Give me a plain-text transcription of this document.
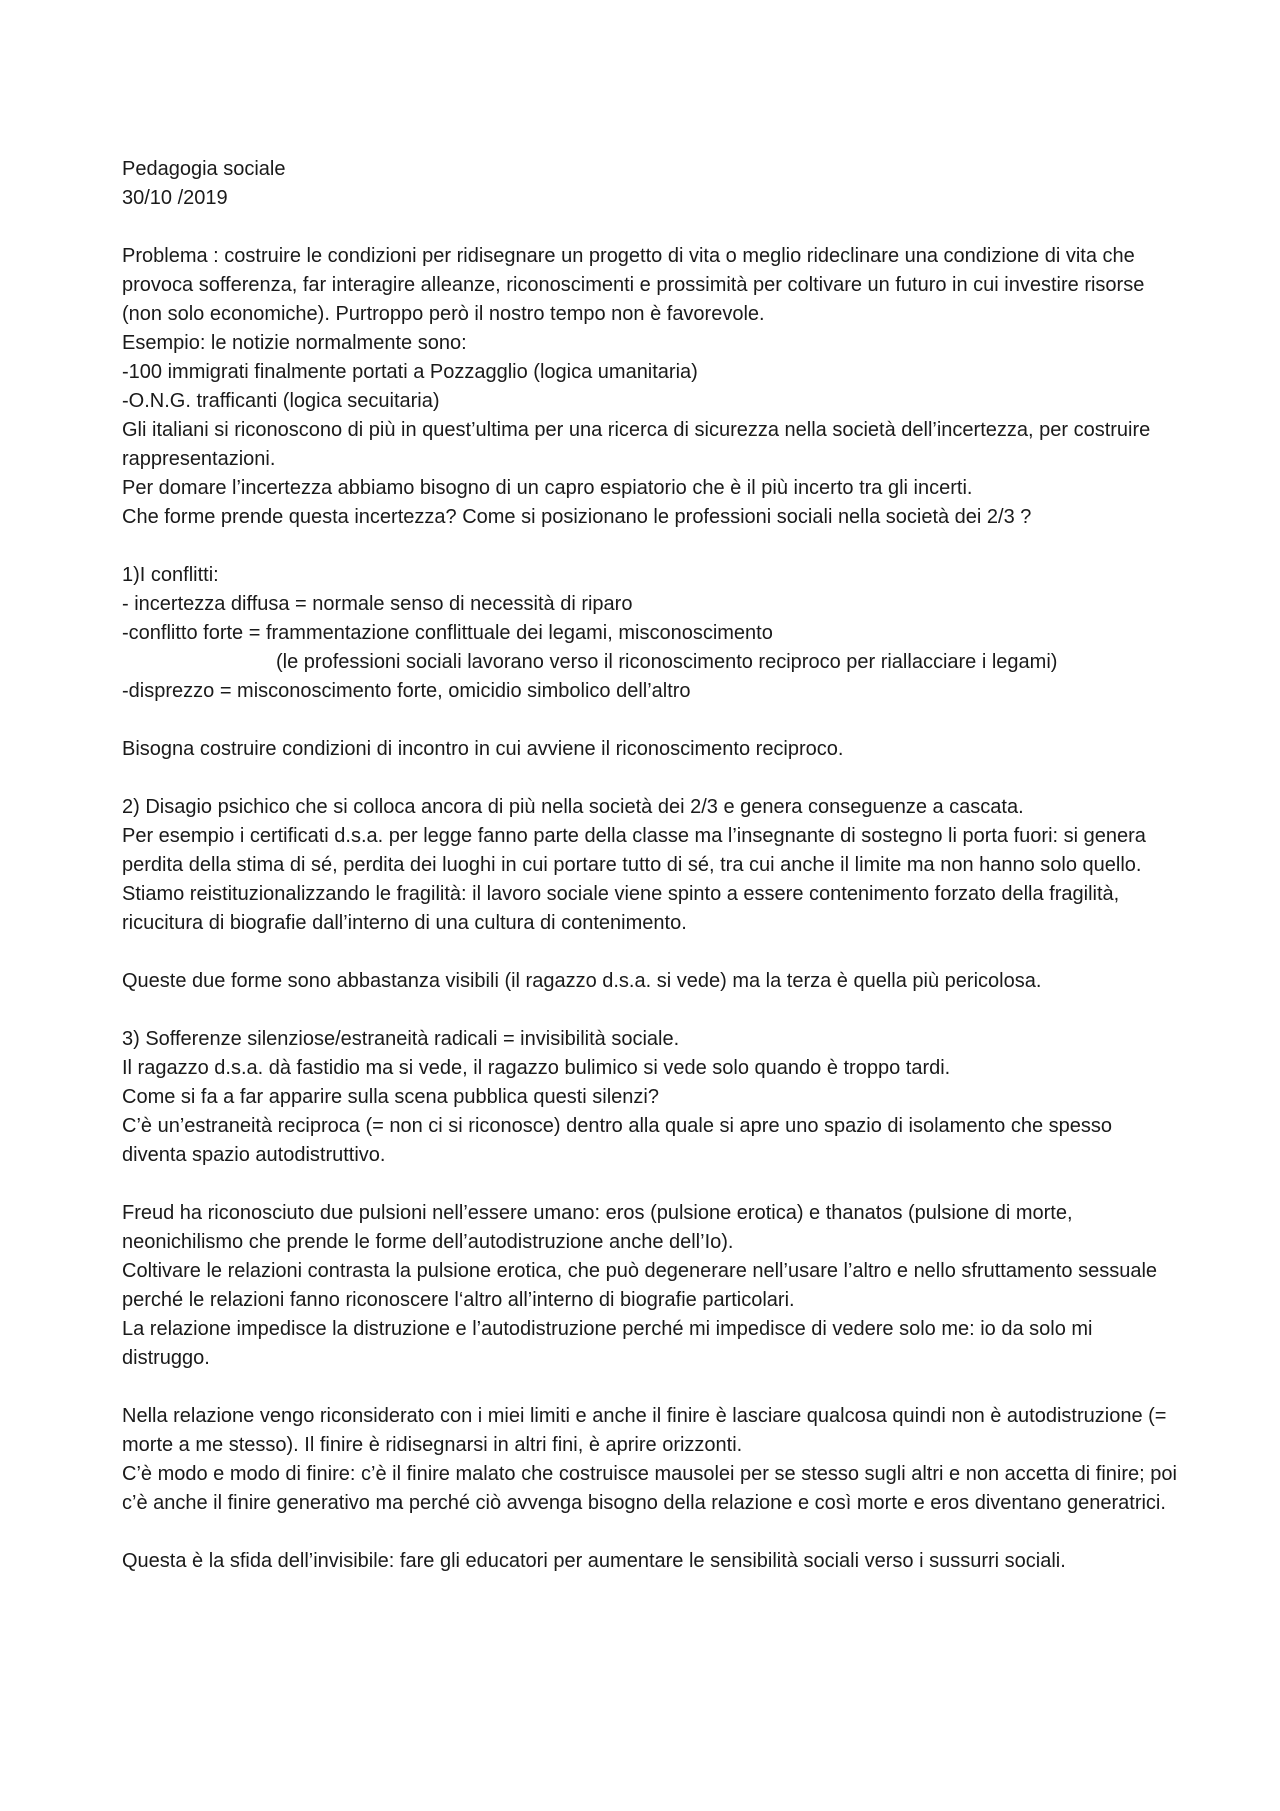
Pedagogia sociale

30/10 /2019

Problema : costruire le condizioni per ridisegnare un progetto di vita o meglio rideclinare una condizione di vita che provoca sofferenza, far interagire alleanze, riconoscimenti e prossimità per coltivare un futuro in cui investire risorse (non solo economiche). Purtroppo però il nostro tempo non è favorevole.

Esempio: le notizie normalmente sono:

-100 immigrati finalmente portati a Pozzagglio (logica umanitaria)

-O.N.G. trafficanti (logica secuitaria)

Gli italiani si riconoscono di più in quest’ultima per una ricerca di sicurezza nella società dell’incertezza, per costruire rappresentazioni.

Per domare l’incertezza abbiamo bisogno di un capro espiatorio che è il più incerto tra gli incerti.

Che forme prende questa incertezza? Come si posizionano le professioni sociali nella società dei 2/3 ?

1)I conflitti:

- incertezza diffusa = normale senso di necessità di riparo

-conflitto forte = frammentazione conflittuale dei legami, misconoscimento

(le professioni sociali lavorano verso il riconoscimento reciproco per riallacciare i legami)

-disprezzo = misconoscimento forte, omicidio simbolico dell’altro

Bisogna costruire condizioni di incontro in cui avviene il riconoscimento reciproco.

2) Disagio psichico che si colloca ancora di più nella società dei 2/3 e genera conseguenze a cascata.

Per esempio i certificati d.s.a. per legge fanno parte della classe ma l’insegnante di sostegno li porta fuori: si genera perdita della stima di sé, perdita dei luoghi in cui portare tutto di sé, tra cui anche il limite ma non hanno solo quello.

Stiamo reistituzionalizzando le fragilità: il lavoro sociale viene spinto a essere contenimento forzato della fragilità, ricucitura di biografie dall’interno di una cultura di contenimento.

Queste due forme sono abbastanza visibili (il ragazzo d.s.a. si vede) ma la terza è quella più pericolosa.

3) Sofferenze silenziose/estraneità radicali = invisibilità sociale.

Il ragazzo d.s.a. dà fastidio ma si vede, il ragazzo bulimico si vede solo quando è troppo tardi.

Come si fa a far apparire sulla scena pubblica questi silenzi?

C’è un’estraneità reciproca (= non ci si riconosce) dentro alla quale si apre uno spazio di isolamento che spesso diventa spazio autodistruttivo.

Freud ha riconosciuto due pulsioni nell’essere umano: eros (pulsione erotica) e thanatos (pulsione di morte, neonichilismo che prende le forme dell’autodistruzione anche dell’Io).

Coltivare le relazioni contrasta la pulsione erotica, che può degenerare nell’usare l’altro e nello sfruttamento sessuale perché le relazioni fanno riconoscere l‘altro all’interno di biografie particolari.

La relazione impedisce la distruzione e l’autodistruzione perché mi impedisce di vedere solo me: io da solo mi distruggo.

Nella relazione vengo riconsiderato con i miei limiti e anche il finire è lasciare qualcosa quindi non è autodistruzione (= morte a me stesso). Il finire è ridisegnarsi in altri fini, è aprire orizzonti.

C’è modo e modo di finire: c’è il finire malato che costruisce mausolei per se stesso sugli altri e non accetta di finire; poi c’è anche il finire generativo ma perché ciò avvenga bisogno della relazione e così morte e eros diventano generatrici.

Questa è la sfida dell’invisibile: fare gli educatori per aumentare le sensibilità sociali verso i sussurri sociali.
